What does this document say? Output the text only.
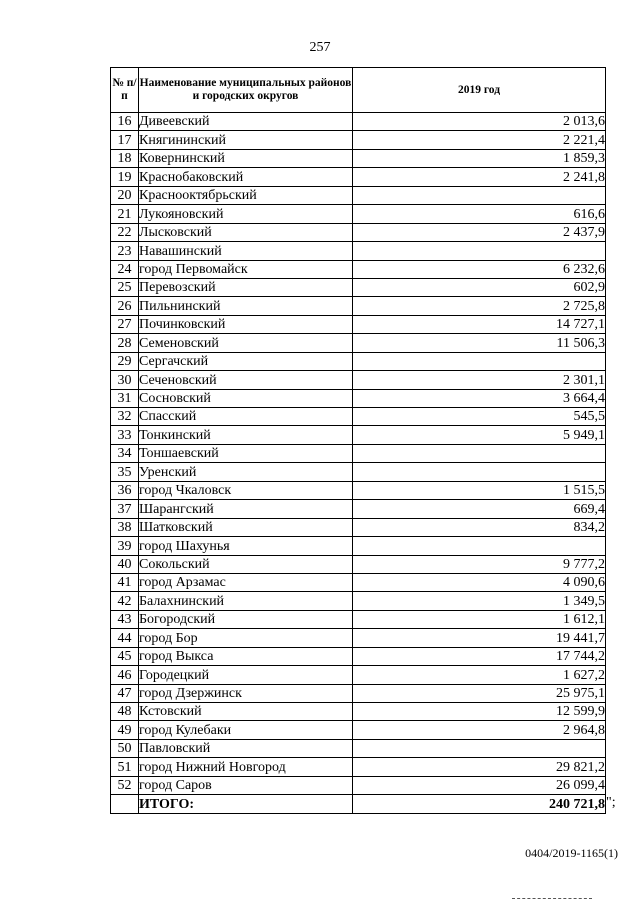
257

№ п/п	Наименование муниципальных районов и городских округов	2019 год
16	Дивеевский	2 013,6
17	Княгининский	2 221,4
18	Ковернинский	1 859,3
19	Краснобаковский	2 241,8
20	Краснооктябрьский	
21	Лукояновский	616,6
22	Лысковский	2 437,9
23	Навашинский	
24	город Первомайск	6 232,6
25	Перевозский	602,9
26	Пильнинский	2 725,8
27	Починковский	14 727,1
28	Семеновский	11 506,3
29	Сергачский	
30	Сеченовский	2 301,1
31	Сосновский	3 664,4
32	Спасский	545,5
33	Тонкинский	5 949,1
34	Тоншаевский	
35	Уренский	
36	город Чкаловск	1 515,5
37	Шарангский	669,4
38	Шатковский	834,2
39	город Шахунья	
40	Сокольский	9 777,2
41	город Арзамас	4 090,6
42	Балахнинский	1 349,5
43	Богородский	1 612,1
44	город Бор	19 441,7
45	город Выкса	17 744,2
46	Городецкий	1 627,2
47	город Дзержинск	25 975,1
48	Кстовский	12 599,9
49	город Кулебаки	2 964,8
50	Павловский	
51	город Нижний Новгород	29 821,2
52	город Саров	26 099,4
	ИТОГО:	240 721,8 ";
0404/2019-1165(1)
